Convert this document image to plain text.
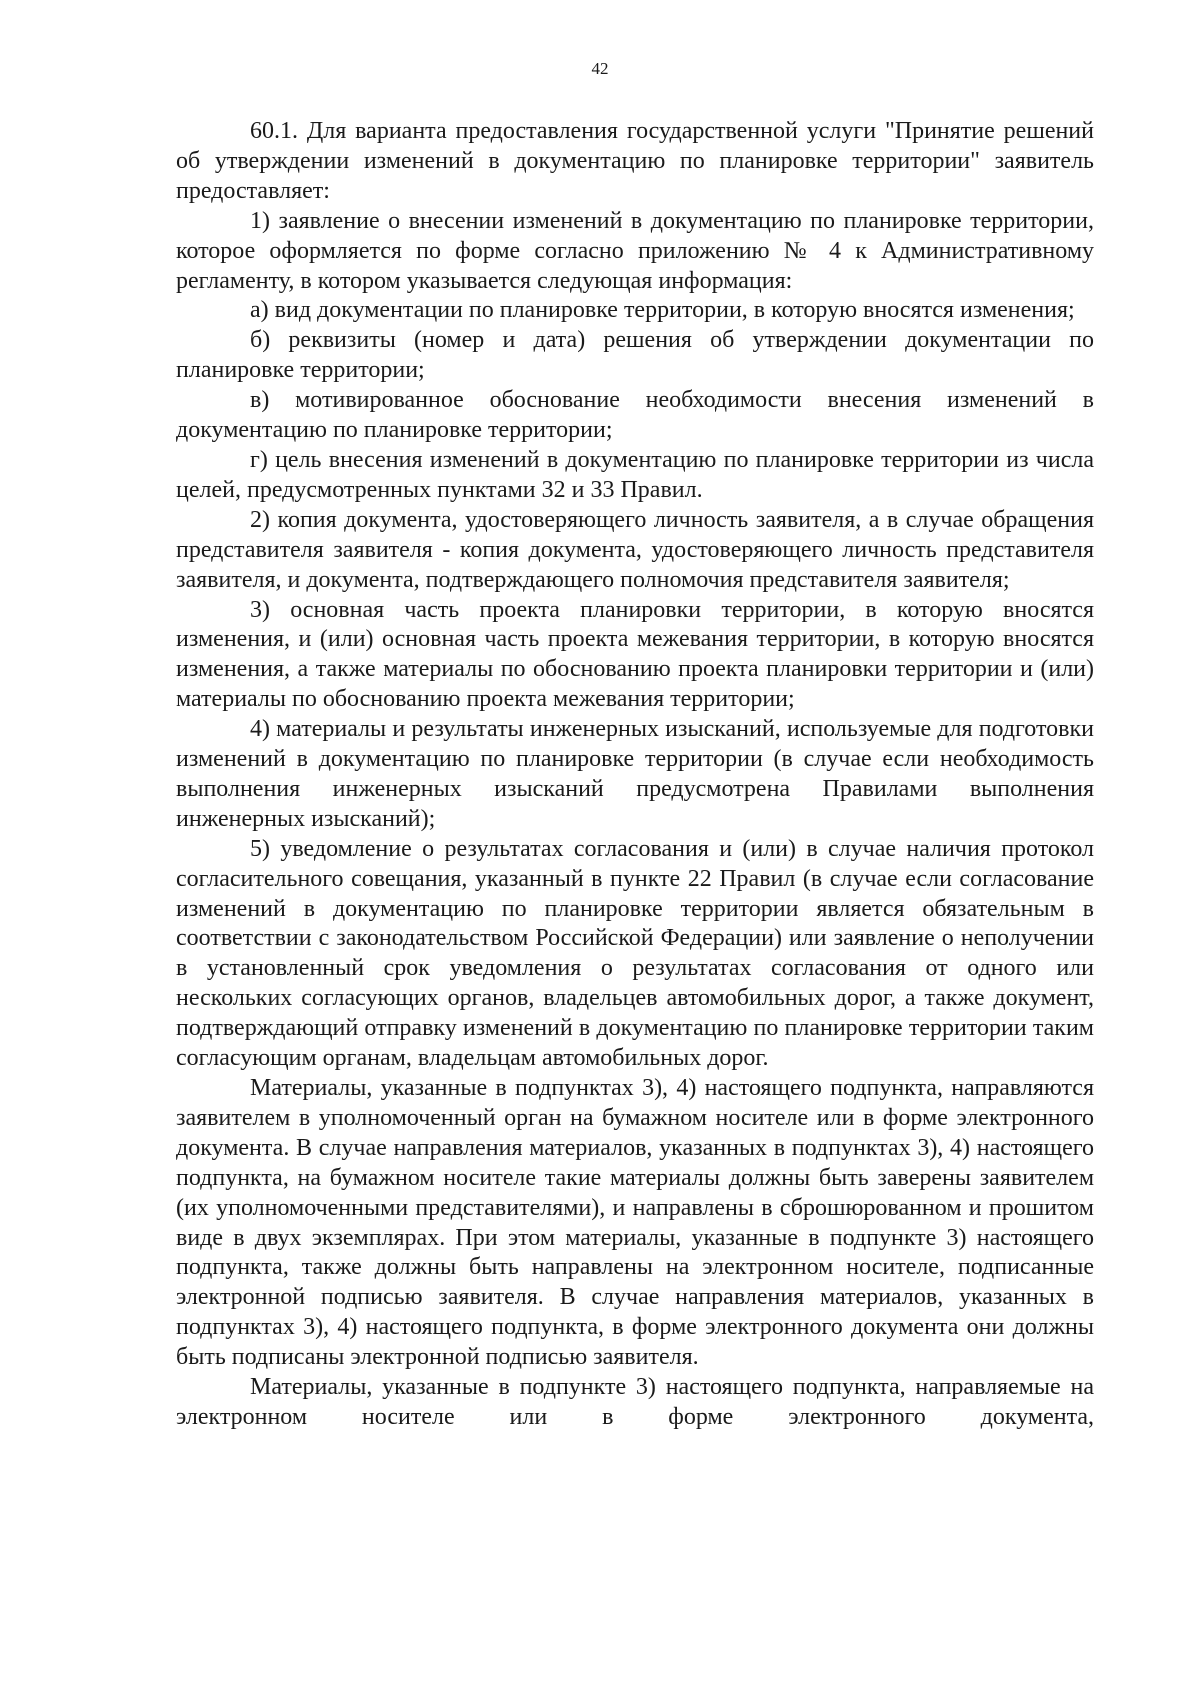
42

60.1. Для варианта предоставления государственной услуги "Принятие решений об утверждении изменений в документацию по планировке территории" заявитель предоставляет:

1) заявление о внесении изменений в документацию по планировке территории, которое оформляется по форме согласно приложению № 4 к Административному регламенту, в котором указывается следующая информация:

а) вид документации по планировке территории, в которую вносятся изменения;

б) реквизиты (номер и дата) решения об утверждении документации по планировке территории;

в) мотивированное обоснование необходимости внесения изменений в документацию по планировке территории;

г) цель внесения изменений в документацию по планировке территории из числа целей, предусмотренных пунктами 32 и 33 Правил.

2) копия документа, удостоверяющего личность заявителя, а в случае обращения представителя заявителя - копия документа, удостоверяющего личность представителя заявителя, и документа, подтверждающего полномочия представителя заявителя;

3) основная часть проекта планировки территории, в которую вносятся изменения, и (или) основная часть проекта межевания территории, в которую вносятся изменения, а также материалы по обоснованию проекта планировки территории и (или) материалы по обоснованию проекта межевания территории;

4) материалы и результаты инженерных изысканий, используемые для подготовки изменений в документацию по планировке территории (в случае если необходимость выполнения инженерных изысканий предусмотрена Правилами выполнения инженерных изысканий);

5) уведомление о результатах согласования и (или) в случае наличия протокол согласительного совещания, указанный в пункте 22 Правил (в случае если согласование изменений в документацию по планировке территории является обязательным в соответствии с законодательством Российской Федерации) или заявление о неполучении в установленный срок уведомления о результатах согласования от одного или нескольких согласующих органов, владельцев автомобильных дорог, а также документ, подтверждающий отправку изменений в документацию по планировке территории таким согласующим органам, владельцам автомобильных дорог.

Материалы, указанные в подпунктах 3), 4) настоящего подпункта, направляются заявителем в уполномоченный орган на бумажном носителе или в форме электронного документа. В случае направления материалов, указанных в подпунктах 3), 4) настоящего подпункта, на бумажном носителе такие материалы должны быть заверены заявителем (их уполномоченными представителями), и направлены в сброшюрованном и прошитом виде в двух экземплярах. При этом материалы, указанные в подпункте 3) настоящего подпункта, также должны быть направлены на электронном носителе, подписанные электронной подписью заявителя. В случае направления материалов, указанных в подпунктах 3), 4) настоящего подпункта, в форме электронного документа они должны быть подписаны электронной подписью заявителя.

Материалы, указанные в подпункте 3) настоящего подпункта, направляемые на электронном носителе или в форме электронного документа,
